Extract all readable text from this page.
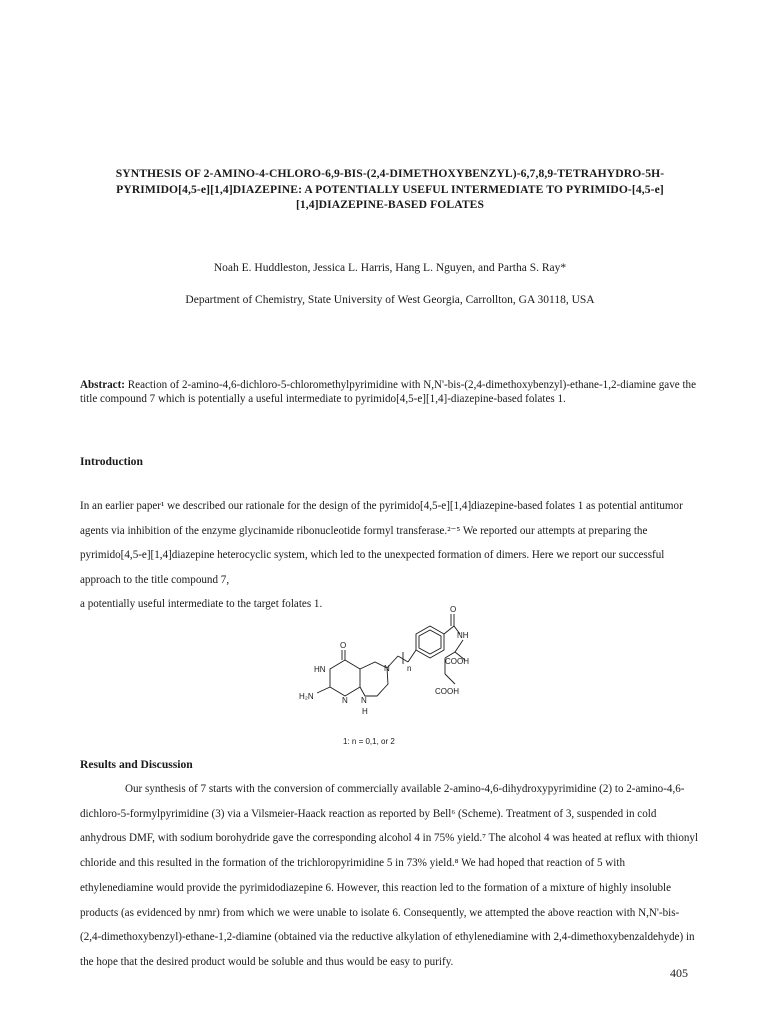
SYNTHESIS OF 2-AMINO-4-CHLORO-6,9-BIS-(2,4-DIMETHOXYBENZYL)-6,7,8,9-TETRAHYDRO-5H-PYRIMIDO[4,5-e][1,4]DIAZEPINE: A POTENTIALLY USEFUL INTERMEDIATE TO PYRIMIDO-[4,5-e][1,4]DIAZEPINE-BASED FOLATES
Noah E. Huddleston, Jessica L. Harris, Hang L. Nguyen, and Partha S. Ray*
Department of Chemistry, State University of West Georgia, Carrollton, GA 30118, USA
Abstract: Reaction of 2-amino-4,6-dichloro-5-chloromethylpyrimidine with N,N'-bis-(2,4-dimethoxybenzyl)-ethane-1,2-diamine gave the title compound 7 which is potentially a useful intermediate to pyrimido[4,5-e][1,4]-diazepine-based folates 1.
Introduction

In an earlier paper¹ we described our rationale for the design of the pyrimido[4,5-e][1,4]diazepine-based folates 1 as potential antitumor agents via inhibition of the enzyme glycinamide ribonucleotide formyl transferase.²⁻⁵ We reported our attempts at preparing the pyrimido[4,5-e][1,4]diazepine heterocyclic system, which led to the unexpected formation of dimers. Here we report our successful approach to the title compound 7,

a potentially useful intermediate to the target folates 1.	O
NH
COOH
COOH
O
HN	N n
H₂N	N N
H
1: n = 0,1, or 2
Results and Discussion

Our synthesis of 7 starts with the conversion of commercially available 2-amino-4,6-dihydroxypyrimidine (2) to 2-amino-4,6-dichloro-5-formylpyrimidine (3) via a Vilsmeier-Haack reaction as reported by Bell⁶ (Scheme). Treatment of 3, suspended in cold anhydrous DMF, with sodium borohydride gave the corresponding alcohol 4 in 75% yield.⁷ The alcohol 4 was heated at reflux with thionyl chloride and this resulted in the formation of the trichloropyrimidine 5 in 73% yield.⁸ We had hoped that reaction of 5 with ethylenediamine would provide the pyrimidodiazepine 6. However, this reaction led to the formation of a mixture of highly insoluble products (as evidenced by nmr) from which we were unable to isolate 6. Consequently, we attempted the above reaction with N,N'-bis-(2,4-dimethoxybenzyl)-ethane-1,2-diamine (obtained via the reductive alkylation of ethylenediamine with 2,4-dimethoxybenzaldehyde) in the hope that the desired product would be soluble and thus would be easy to purify.

405
